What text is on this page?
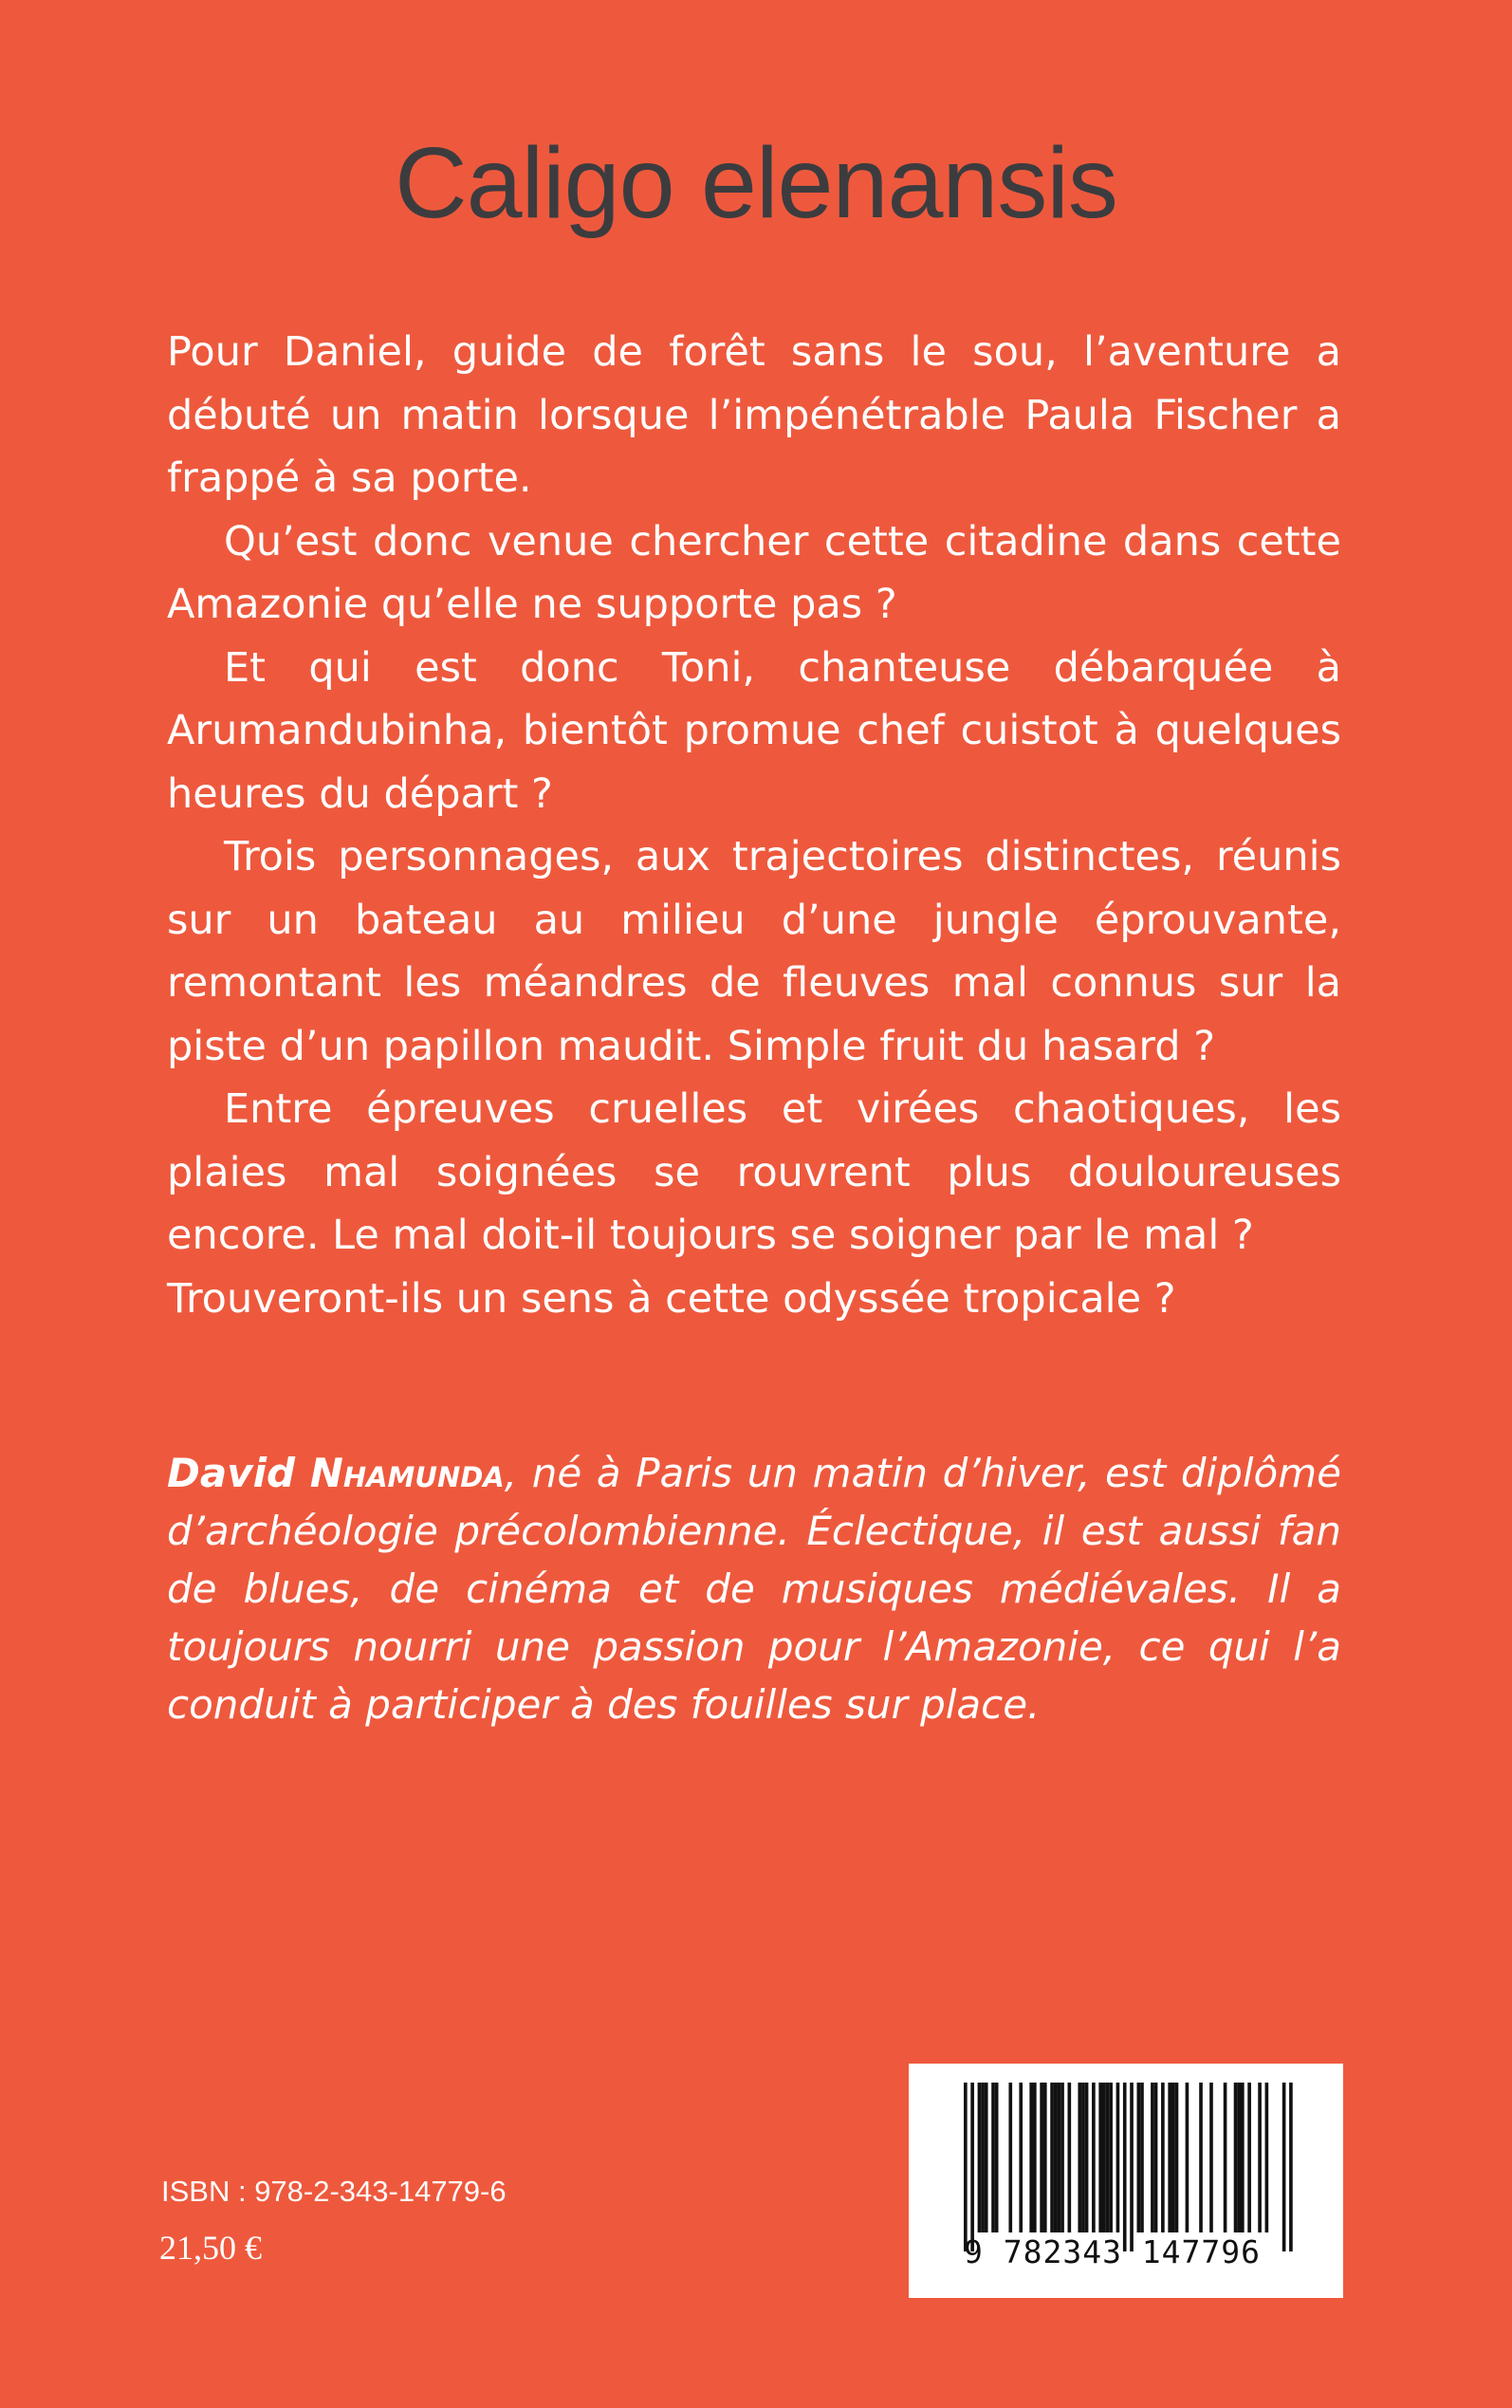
Caligo elenansis

Pour Daniel, guide de forêt sans le sou, l’aventure a débuté un matin lorsque l’impénétrable Paula Fischer a frappé à sa porte.

Qu’est donc venue chercher cette citadine dans cette Amazonie qu’elle ne supporte pas ?

Et qui est donc Toni, chanteuse débarquée à Arumandubinha, bientôt promue chef cuistot à quelques heures du départ ?

Trois personnages, aux trajectoires distinctes, réunis sur un bateau au milieu d’une jungle éprouvante, remontant les méandres de fleuves mal connus sur la piste d’un papillon maudit. Simple fruit du hasard ?

Entre épreuves cruelles et virées chaotiques, les plaies mal soignées se rouvrent plus douloureuses encore. Le mal doit-il toujours se soigner par le mal ?

Trouveront-ils un sens à cette odyssée tropicale ?

David Nhamunda, né à Paris un matin d’hiver, est diplômé d’archéologie précolombienne. Éclectique, il est aussi fan de blues, de cinéma et de musiques médiévales. Il a toujours nourri une passion pour l’Amazonie, ce qui l’a conduit à participer à des fouilles sur place.

ISBN : 978-2-343-14779-6

21,50 €	9 782343 147796
